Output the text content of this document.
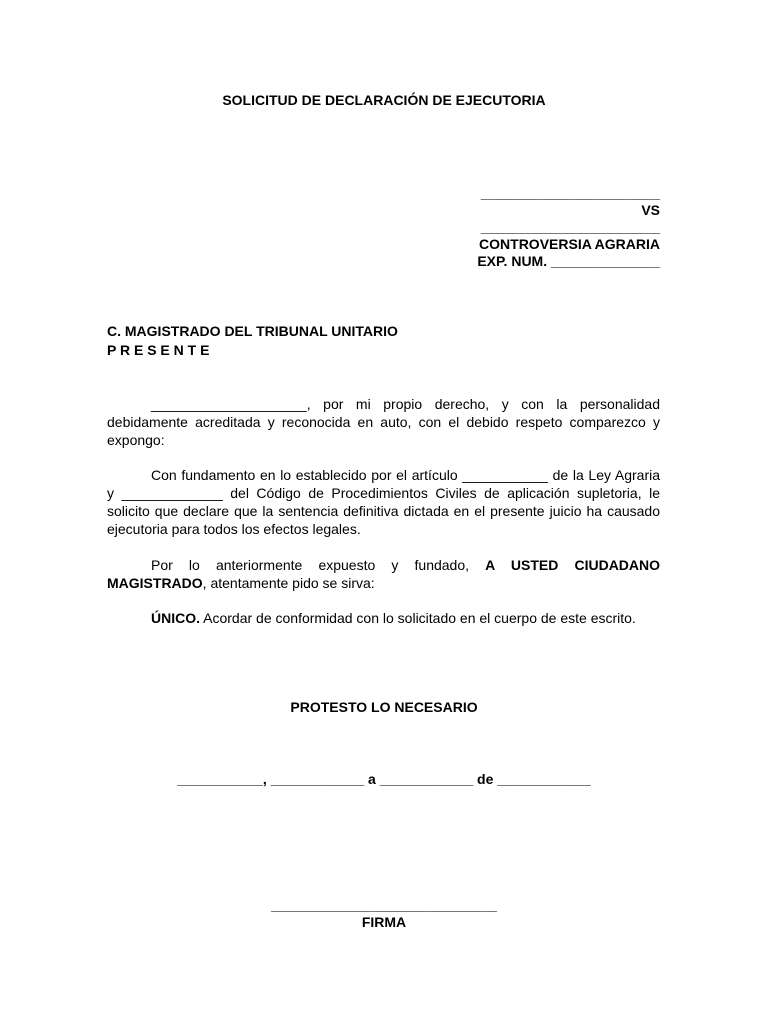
SOLICITUD DE DECLARACIÓN DE EJECUTORIA
_______________________
VS
_______________________
CONTROVERSIA AGRARIA
EXP. NUM. ______________
C. MAGISTRADO DEL TRIBUNAL UNITARIO
P R E S E N T E
____________________, por mi propio derecho, y con la personalidad debidamente acreditada y reconocida en auto, con el debido respeto comparezco y expongo:
Con fundamento en lo establecido por el artículo ___________ de la Ley Agraria y _____________ del Código de Procedimientos Civiles de aplicación supletoria, le solicito que declare que la sentencia definitiva dictada en el presente juicio ha causado ejecutoria para todos los efectos legales.
Por lo anteriormente expuesto y fundado, A USTED CIUDADANO MAGISTRADO, atentamente pido se sirva:
ÚNICO. Acordar de conformidad con lo solicitado en el cuerpo de este escrito.
PROTESTO LO NECESARIO
___________, ____________ a ____________ de ____________
_____________________________
FIRMA
